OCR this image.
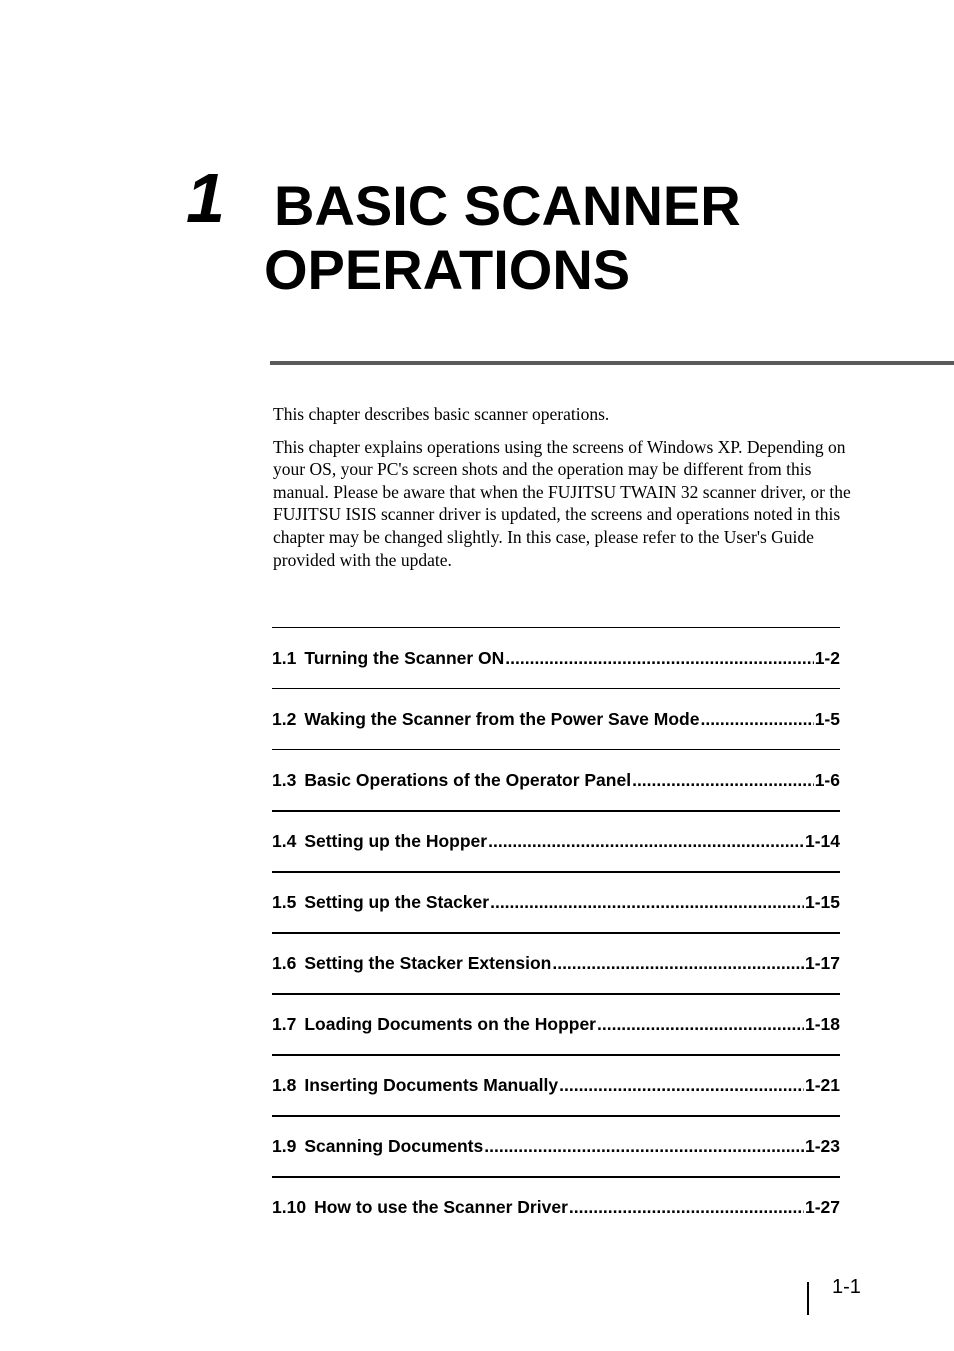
1 BASIC SCANNER
OPERATIONS

This chapter describes basic scanner operations.

This chapter explains operations using the screens of Windows XP. Depending on your OS, your PC's screen shots and the operation may be different from this manual. Please be aware that when the FUJITSU TWAIN 32 scanner driver, or the FUJITSU ISIS scanner driver is updated, the screens and operations noted in this chapter may be changed slightly. In this case, please refer to the User's Guide provided with the update.

1.1 Turning the Scanner ON .....	1-2
1.2 Waking the Scanner from the Power Save Mode .....	1-5
1.3 Basic Operations of the Operator Panel .....	1-6
1.4 Setting up the Hopper .....	1-14
1.5 Setting up the Stacker .....	1-15
1.6 Setting the Stacker Extension .....	1-17
1.7 Loading Documents on the Hopper .....	1-18
1.8 Inserting Documents Manually .....	1-21
1.9 Scanning Documents .....	1-23
1.10 How to use the Scanner Driver .....	1-27
1-1
